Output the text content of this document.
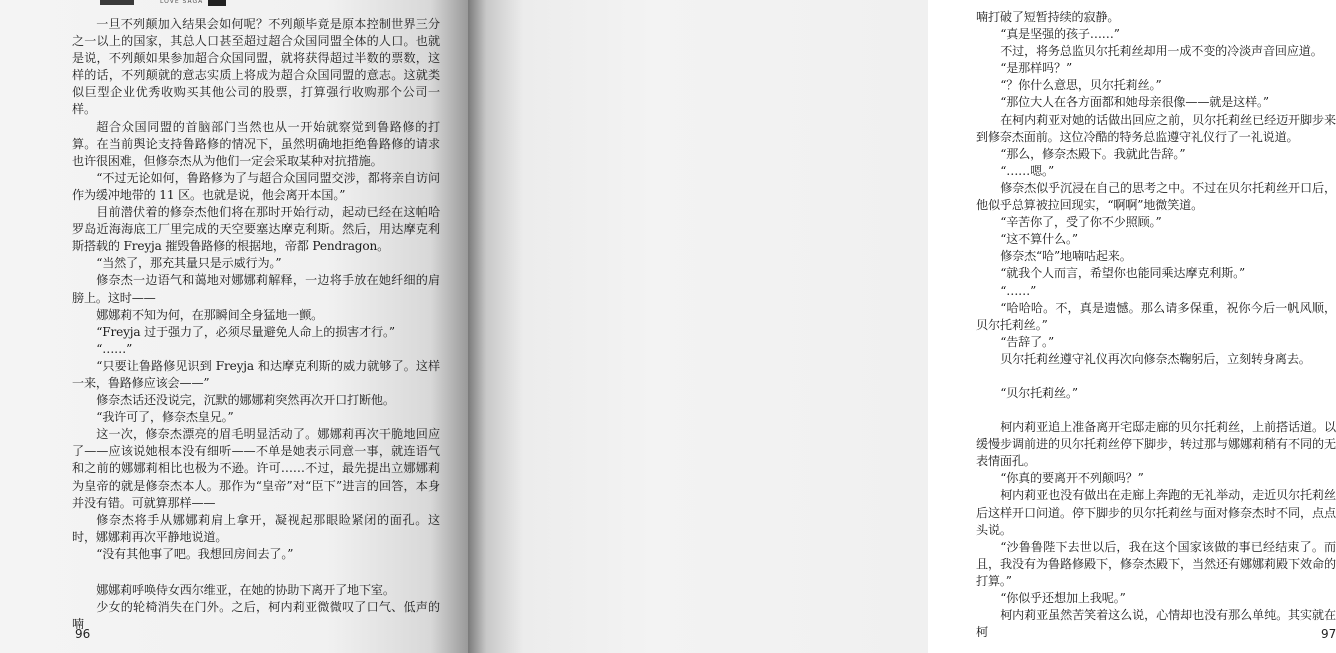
LOVE SAGA

一旦不列颠加入结果会如何呢？不列颠毕竟是原本控制世界三分之一以上的国家，其总人口甚至超过超合众国同盟全体的人口。也就是说，不列颠如果参加超合众国同盟，就将获得超过半数的票数，这样的话，不列颠就的意志实质上将成为超合众国同盟的意志。这就类似巨型企业优秀收购买其他公司的股票，打算强行收购那个公司一样。

超合众国同盟的首脑部门当然也从一开始就察觉到鲁路修的打算。在当前舆论支持鲁路修的情况下，虽然明确地拒绝鲁路修的请求也许很困难，但修奈杰从为他们一定会采取某种对抗措施。

“不过无论如何，鲁路修为了与超合众国同盟交涉，都将亲自访问作为缓冲地带的 11 区。也就是说，他会离开本国。”

目前潜伏着的修奈杰他们将在那时开始行动，起动已经在这帕哈罗岛近海海底工厂里完成的天空要塞达摩克利斯。然后，用达摩克利斯搭载的 Freyja 摧毁鲁路修的根据地，帝都 Pendragon。

“当然了，那充其量只是示威行为。”

修奈杰一边语气和蔼地对娜娜莉解释，一边将手放在她纤细的肩膀上。这时——

娜娜莉不知为何，在那瞬间全身猛地一颤。

“Freyja 过于强力了，必须尽量避免人命上的损害才行。”

“……”

“只要让鲁路修见识到 Freyja 和达摩克利斯的威力就够了。这样一来，鲁路修应该会——”

修奈杰话还没说完，沉默的娜娜莉突然再次开口打断他。

“我许可了，修奈杰皇兄。”

这一次，修奈杰漂亮的眉毛明显活动了。娜娜莉再次干脆地回应了——应该说她根本没有细听——不单是她表示同意一事，就连语气和之前的娜娜莉相比也极为不逊。许可……不过，最先提出立娜娜莉为皇帝的就是修奈杰本人。那作为“皇帝”对“臣下”进言的回答，本身并没有错。可就算那样——

修奈杰将手从娜娜莉肩上拿开，凝视起那眼睑紧闭的面孔。这时，娜娜莉再次平静地说道。

“没有其他事了吧。我想回房间去了。”

娜娜莉呼唤侍女西尔维亚，在她的协助下离开了地下室。

少女的轮椅消失在门外。之后，柯内莉亚微微叹了口气、低声的喃

96

喃打破了短暂持续的寂静。

“真是坚强的孩子……”

不过，将务总监贝尔托莉丝却用一成不变的冷淡声音回应道。

“是那样吗？”

“？你什么意思，贝尔托莉丝。”

“那位大人在各方面都和她母亲很像——就是这样。”

在柯内莉亚对她的话做出回应之前，贝尔托莉丝已经迈开脚步来到修奈杰面前。这位冷酷的特务总监遵守礼仪行了一礼说道。

“那么，修奈杰殿下。我就此告辞。”

“……嗯。”

修奈杰似乎沉浸在自己的思考之中。不过在贝尔托莉丝开口后，他似乎总算被拉回现实，“啊啊”地微笑道。

“辛苦你了，受了你不少照顾。”

“这不算什么。”

修奈杰“哈”地喃咕起来。

“就我个人而言，希望你也能同乘达摩克利斯。”

“……”

“哈哈哈。不，真是遗憾。那么请多保重，祝你今后一帆风顺，贝尔托莉丝。”

“告辞了。”

贝尔托莉丝遵守礼仪再次向修奈杰鞠躬后，立刻转身离去。

“贝尔托莉丝。”

柯内莉亚追上准备离开宅邸走廊的贝尔托莉丝，上前搭话道。以缓慢步调前进的贝尔托莉丝停下脚步，转过那与娜娜莉稍有不同的无表情面孔。

“你真的要离开不列颠吗？”

柯内莉亚也没有做出在走廊上奔跑的无礼举动，走近贝尔托莉丝后这样开口问道。停下脚步的贝尔托莉丝与面对修奈杰时不同，点点头说。

“沙鲁鲁陛下去世以后，我在这个国家该做的事已经结束了。而且，我没有为鲁路修殿下，修奈杰殿下，当然还有娜娜莉殿下效命的打算。”

“你似乎还想加上我呢。”

柯内莉亚虽然苦笑着这么说，心情却也没有那么单纯。其实就在柯	97
